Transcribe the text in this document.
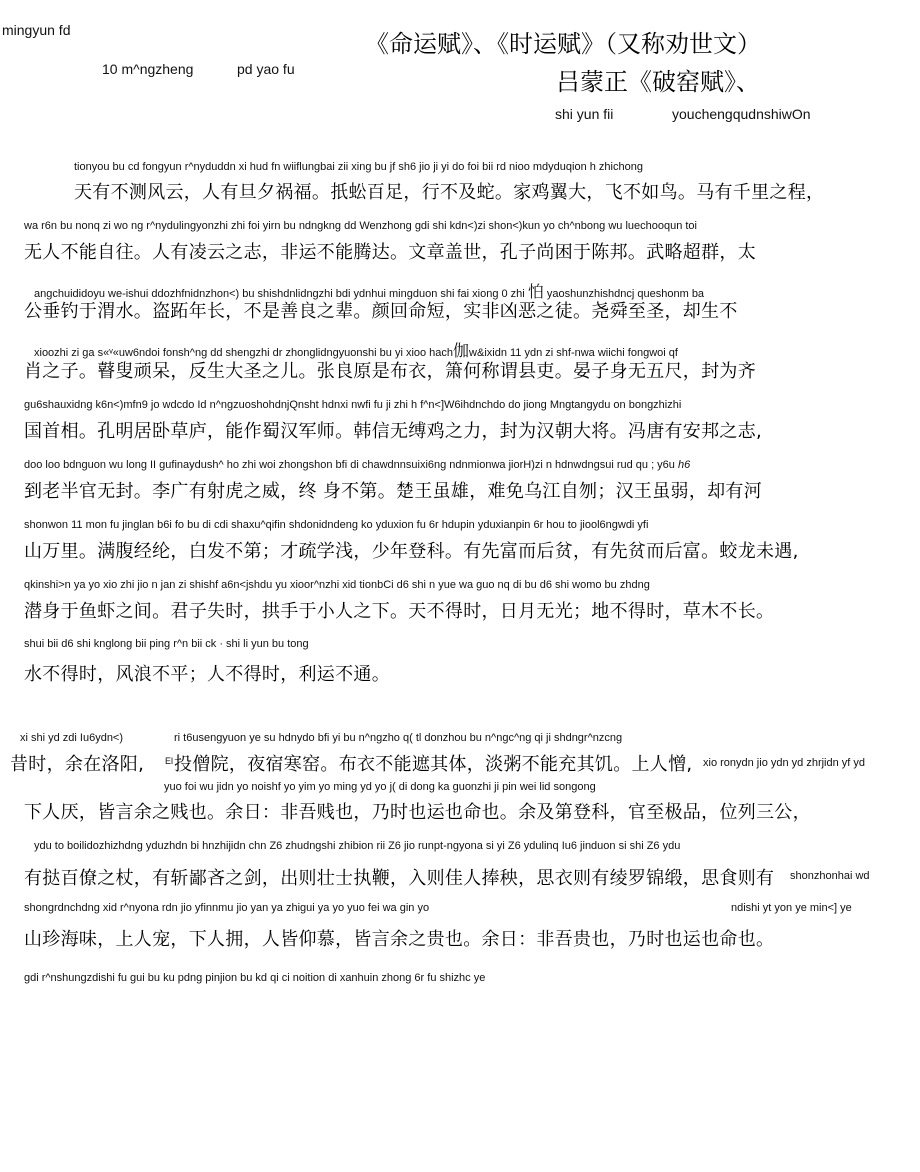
mingyun fd
10 m^ngzheng	pd yao fu
《命运赋》、《时运赋》（又称劝世文）
吕蒙正《破窑赋》、
shi yun fii	youchengqudnshiwOn
tionyou bu cd fongyun r^nyduddn xi hud fn wiiflungbai zii xing bu jf sh6 jio ji yi do foi bii rd nioo mdyduqion h zhichong
天有不测风云，人有旦夕祸福。扺蚣百足，行不及蛇。家鸡翼大，飞不如鸟。马有千里之程，
wa r6n bu nonq zi wo ng r^nydulingyonzhi zhi foi yirn bu ndngkng dd Wenzhong gdi shi kdn<)zi shon<)kun yo ch^nbong wu luechooqun toi
无人不能自往。人有凌云之志，非运不能腾达。文章盖世，孔子尚困于陈邦。武略超群，太
angchuididoyu we-ishui ddozhfnidnzhon<) bu shishdnlidngzhi bdi ydnhui mingduon shi fai xiong 0 zhi 怕 yaoshunzhishdncj queshonm ba
公垂钓于渭水。盗跖年长，不是善良之辈。颜回命短，实非凶恶之徒。尧舜至圣，却生不
xioozhi zi ga s«ᵛ«uw6ndoi fonsh^ng dd shengzhi dr zhonglidngyuonshi bu yi xioo hach伽w&ixidn 11 ydn zi shf-nwa wiichi fongwoi qf
肖之子。瞽叟顽呆，反生大圣之儿。张良原是布衣，箫何称谓县吏。晏子身无五尺，封为齐
gu6shauxidng k6n<)mfn9 jo wdcdo Id n^ngzuoshohdnjQnsht hdnxi nwfi fu ji zhi h f^n<]W6ihdnchdo do jiong Mngtangydu on bongzhizhi
国首相。孔明居卧草庐，能作蜀汉军师。韩信无缚鸡之力，封为汉朝大将。冯唐有安邦之志,
doo loo bdnguon wu long II gufinaydush^ ho zhi woi zhongshon bfi di chawdnnsuixi6ng ndnmionwa jiorH)zi n hdnwdngsui rud qu ; y6u h6
到老半官无封。李广有射虎之威，终 身不第。楚王虽雄，难免乌江自刎；汉王虽弱，却有河
shonwon 11 mon fu jinglan b6i fo bu di cdi shaxu^qifin shdonidndeng ko yduxion fu 6r hdupin yduxianpin 6r hou to jiool6ngwdi yfi
山万里。满腹经纶，白发不第；才疏学浅，少年登科。有先富而后贫，有先贫而后富。蛟龙未遇,
qkinshi>n ya yo xio zhi jio n jan zi shishf a6n<jshdu yu xioor^nzhi xid tionbCi d6 shi n yue wa guo nq di bu d6 shi womo bu zhdng
潜身于鱼虾之间。君子失时，拱手于小人之下。天不得时，日月无光；地不得时，草木不长。
shui bii d6 shi knglong bii ping r^n bii ck · shi li yun bu tong
水不得时，风浪不平；人不得时，利运不通。
xi shi yd zdi Iu6ydn<)	ri t6usengyuon ye su hdnydo bfi yi bu n^ngzho q( tl donzhou bu n^ngc^ng qi ji shdngr^nzcng
昔时，余在洛阳, El 投僧院，夜宿寒窑。布衣不能遮其体，淡粥不能充其饥。上人憎, xio ronydn jio ydn yd zhrjidn yf yd
yuo foi wu jidn yo noishf yo yim yo ming yd yo j( di dong ka guonzhi ji pin wei lid songong
下人厌，皆言余之贱也。余日：非吾贱也，乃时也运也命也。余及第登科，官至极品，位列三公，
ydu to boilidozhizhdng yduzhdn bi hnzhijidn chn Z6 zhudngshi zhibion rii Z6 jio runpt-ngyona si yi Z6 ydulinq Iu6 jinduon si shi Z6 ydu
有挞百僚之杖，有斩鄙吝之剑，出则壮士执鞭，入则佳人捧秧，思衣则有绫罗锦缎，思食则有 shonzhonhai wd
shongrdnchdng xid r^nyona rdn jio yfinnmu jio yan ya zhigui ya yo yuo fei wa gin yo	ndishi yt yon ye min<] ye
山珍海味，上人宠，下人拥，人皆仰慕，皆言余之贵也。余日：非吾贵也，乃时也运也命也。
gdi r^nshungzdishi fu gui bu ku pdng pinjion bu kd qi ci noition di xanhuin zhong 6r fu shizhc ye
